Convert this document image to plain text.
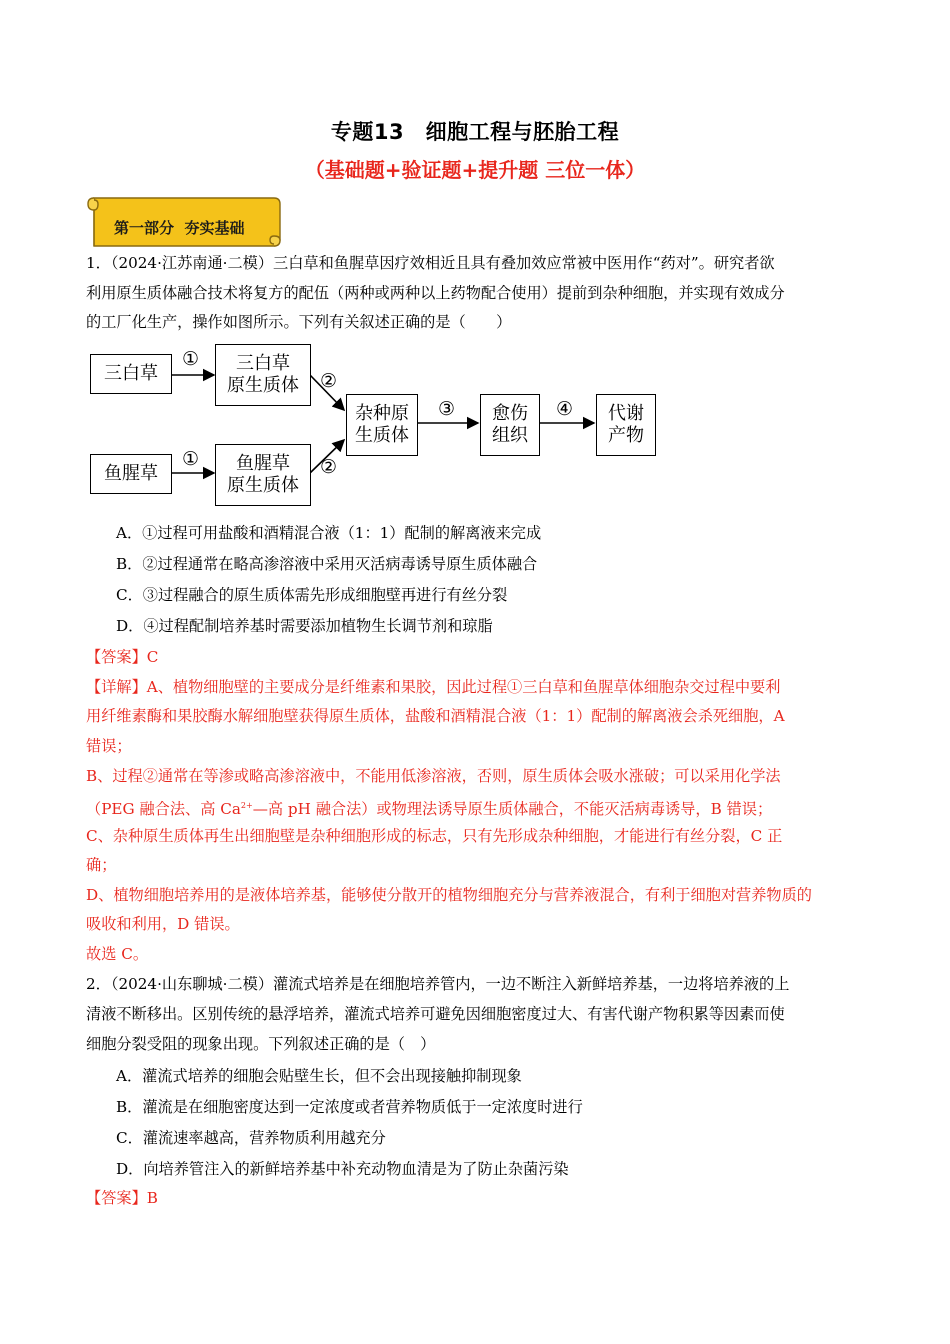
专题13　细胞工程与胚胎工程
（基础题+验证题+提升题 三位一体）
第一部分  夯实基础
1．（2024·江苏南通·二模）三白草和鱼腥草因疗效相近且具有叠加效应常被中医用作“药对”。研究者欲
利用原生质体融合技术将复方的配伍（两种或两种以上药物配合使用）提前到杂种细胞，并实现有效成分
的工厂化生产，操作如图所示。下列有关叙述正确的是（　　）
三白草	三白草
原生质体
鱼腥草	鱼腥草
原生质体
杂种原
生质体
愈伤
组织
代谢
产物
①
①
②
②
③	④
A．①过程可用盐酸和酒精混合液（1：1）配制的解离液来完成
B．②过程通常在略高渗溶液中采用灭活病毒诱导原生质体融合
C．③过程融合的原生质体需先形成细胞壁再进行有丝分裂
D．④过程配制培养基时需要添加植物生长调节剂和琼脂
【答案】C
【详解】A、植物细胞壁的主要成分是纤维素和果胶，因此过程①三白草和鱼腥草体细胞杂交过程中要利
用纤维素酶和果胶酶水解细胞壁获得原生质体，盐酸和酒精混合液（1：1）配制的解离液会杀死细胞，A
错误；
B、过程②通常在等渗或略高渗溶液中，不能用低渗溶液，否则，原生质体会吸水涨破；可以采用化学法
（PEG 融合法、高 $Ca^{2+}—$高 pH 融合法）或物理法诱导原生质体融合，不能灭活病毒诱导，B 错误；
C、杂种原生质体再生出细胞壁是杂种细胞形成的标志，只有先形成杂种细胞，才能进行有丝分裂，C 正
确；
D、植物细胞培养用的是液体培养基，能够使分散开的植物细胞充分与营养液混合，有利于细胞对营养物质的
吸收和利用，D 错误。
故选 C。
2．（2024·山东聊城·二模）灌流式培养是在细胞培养管内，一边不断注入新鲜培养基，一边将培养液的上
清液不断移出。区别传统的悬浮培养，灌流式培养可避免因细胞密度过大、有害代谢产物积累等因素而使
细胞分裂受阻的现象出现。下列叙述正确的是（　）
A．灌流式培养的细胞会贴壁生长，但不会出现接触抑制现象
B．灌流是在细胞密度达到一定浓度或者营养物质低于一定浓度时进行
C．灌流速率越高，营养物质利用越充分
D．向培养管注入的新鲜培养基中补充动物血清是为了防止杂菌污染
【答案】B
